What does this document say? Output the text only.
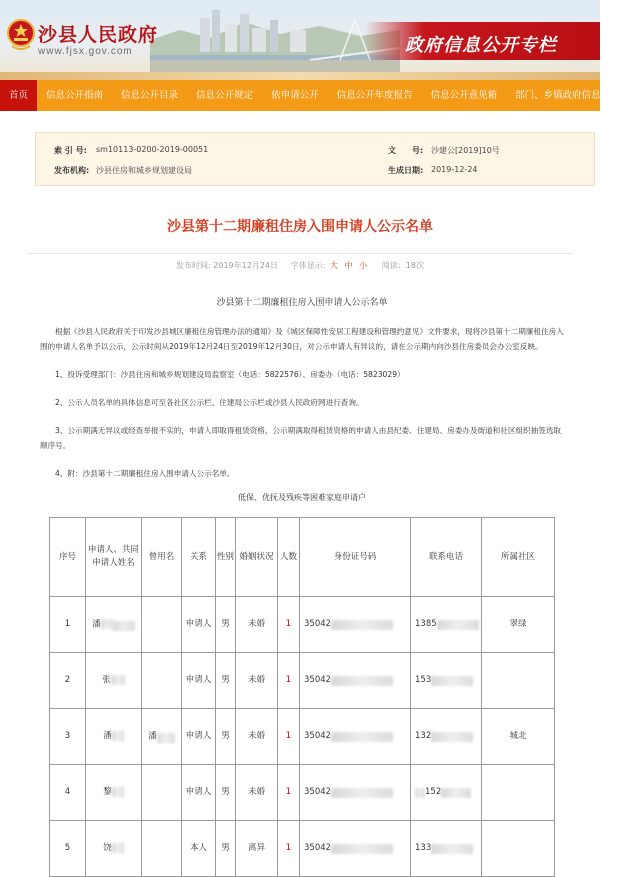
沙县人民政府
www.fjsx.gov.com	政府信息公开专栏
首页	信息公开指南	信息公开目录	信息公开规定	依申请公开	信息公开年度报告	信息公开意见箱	部门、乡镇政府信息公开
索 引 号: sm10113-0200-2019-00051	文　　号: 沙建公[2019]10号
发布机构: 沙县住房和城乡规划建设局	生成日期: 2019-12-24
沙县第十二期廉租住房入围申请人公示名单
发布时间: 2019年12月24日 字体显示: 大 中 小 阅读：18次
沙县第十二期廉租住房入围申请人公示名单

根据《沙县人民政府关于印发沙县城区廉租住房管理办法的通知》及《城区保障性安居工程建设和管理约意见》文件要求，现将沙县第十二期廉租住房入围的申请人名单予以公示，公示时间从2019年12月24日至2019年12月30日，对公示申请人有异议的，请在公示期内向沙县住房委员会办公室反映。

1、投诉受理部门：沙县住房和城乡规划建设局监察室（电话：5822576）、房委办（电话：5823029）

2、公示人员名单的具体信息可至各社区公示栏、住建局公示栏或沙县人民政府网进行查询。

3、公示期满无异议或经查举报不实的，申请人即取得租赁资格，公示期满取得租赁资格的申请人由县纪委、住建局、房委办及街道和社区组织抽签选取顺序号。

4、附：沙县第十二期廉租住房入围申请人公示名单。

低保、优抚及残疾等困难家庭申请户
序号	申请人、共同申请人姓名	曾用名	关系	性别	婚姻状况	人数	身份证号码	联系电话	所属社区
1	潘		申请人	男	未婚	1	35042	1385	翠绿
2	张		申请人	男	未婚	1	35042	153	

3	潘	潘	申请人	男	未婚	1	35042	132	城北
4	黎		申请人	男	未婚	1	35042	152	

5	饶		本人	男	离异	1	35042	133	
